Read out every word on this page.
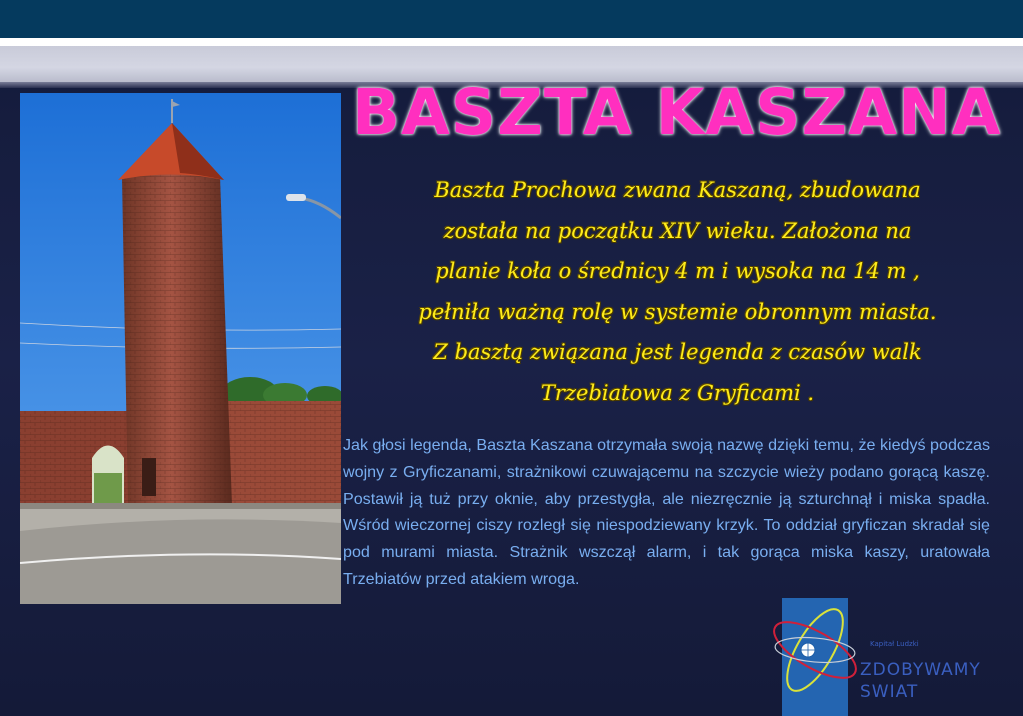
BASZTA KASZANA
Baszta Prochowa zwana Kaszaną, zbudowana
została na początku XIV wieku. Założona na
planie koła o średnicy 4 m i wysoka na 14 m ,
pełniła ważną rolę w systemie obronnym miasta.
Z basztą związana jest legenda z czasów walk
Trzebiatowa z Gryficami .
Jak głosi legenda, Baszta Kaszana otrzymała swoją nazwę dzięki temu, że kiedyś podczas wojny z Gryficzanami, strażnikowi czuwającemu na szczycie wieży podano gorącą kaszę. Postawił ją tuż przy oknie, aby przestygła, ale niezręcznie ją szturchnął i miska spadła. Wśród wieczornej ciszy rozległ się niespodziewany krzyk. To oddział gryficzan skradał się pod murami miasta. Strażnik wszczął alarm, i tak gorąca miska kaszy, uratowała Trzebiatów przed atakiem wroga.
Kapitał Ludzki
ZDOBYWAMY
SWIAT
